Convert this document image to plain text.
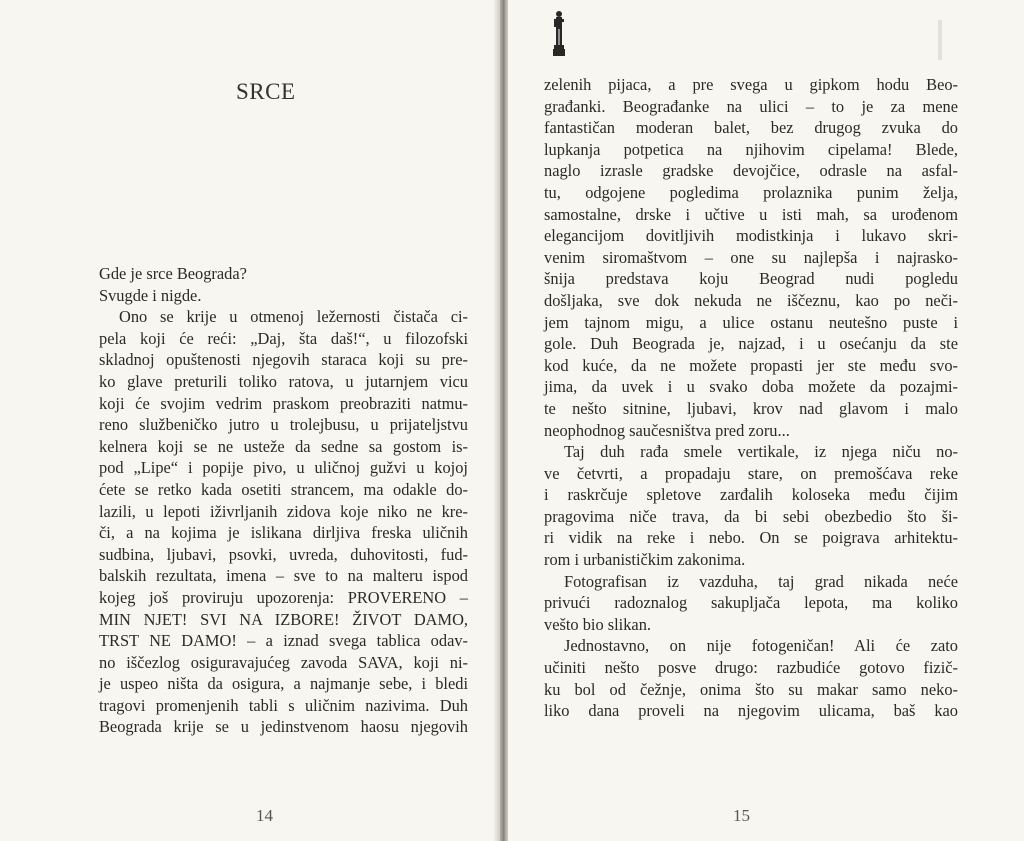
SRCE
Gde je srce Beograda?
Svugde i nigde.
Ono se krije u otmenoj ležernosti čistača ci-
pela koji će reći: „Daj, šta daš!“, u filozofski
skladnoj opuštenosti njegovih staraca koji su pre-
ko glave preturili toliko ratova, u jutarnjem vicu
koji će svojim vedrim praskom preobraziti natmu-
reno službeničko jutro u trolejbusu, u prijateljstvu
kelnera koji se ne ustеže da sedne sa gostom is-
pod „Lipe“ i popije pivo, u uličnoj gužvi u kojoj
ćete se retko kada osetiti strancem, ma odakle do-
lazili, u lepoti iživrljanih zidova koje niko ne kre-
či, a na kojima je islikana dirljiva freska uličnih
sudbina, ljubavi, psovki, uvreda, duhovitosti, fud-
balskih rezultata, imena – sve to na malteru ispod
kojeg još proviruju upozorenja: PROVERENO –
MIN NJET! SVI NA IZBORE! ŽIVOT DAMO,
TRST NE DAMO! – a iznad svega tablica odav-
no iščezlog osiguravajućeg zavoda SAVA, koji ni-
je uspeo ništa da osigura, a najmanje sebe, i bledi
tragovi promenjenih tabli s uličnim nazivima. Duh
Beograda krije se u jedinstvenom haosu njegovih
14
zelenih pijaca, a pre svega u gipkom hodu Beo-
građanki. Beograđanke na ulici – to je za mene
fantastičan moderan balet, bez drugog zvuka do
lupkanja potpetica na njihovim cipelama! Blede,
naglo izrasle gradske devojčice, odrasle na asfal-
tu, odgojene pogledima prolaznika punim želja,
samostalne, drske i učtive u isti mah, sa urođenom
elegancijom dovitljivih modistkinja i lukavo skri-
venim siromaštvom – one su najlepša i najrasko-
šnija predstava koju Beograd nudi pogledu
došljaka, sve dok nekuda ne iščeznu, kao po neči-
jem tajnom migu, a ulice ostanu neutešno puste i
gole. Duh Beograda je, najzad, i u osećanju da ste
kod kuće, da ne možete propasti jer ste među svo-
jima, da uvek i u svako doba možete da pozajmi-
te nešto sitnine, ljubavi, krov nad glavom i malo
neophodnog saučesništva pred zoru...
Taj duh rađa smele vertikale, iz njega niču no-
ve četvrti, a propadaju stare, on premošćava reke
i raskrčuje spletove zarđalih koloseka među čijim
pragovima niče trava, da bi sebi obezbedio što ši-
ri vidik na reke i nebo. On se poigrava arhitektu-
rom i urbanističkim zakonima.
Fotografisan iz vazduha, taj grad nikada neće
privući radoznalog sakupljača lepota, ma koliko
vešto bio slikan.
Jednostavno, on nije fotogeničan! Ali će zato
učiniti nešto posve drugo: razbudiće gotovo fizič-
ku bol od čežnje, onima što su makar samo neko-
liko dana proveli na njegovim ulicama, baš kao
15
